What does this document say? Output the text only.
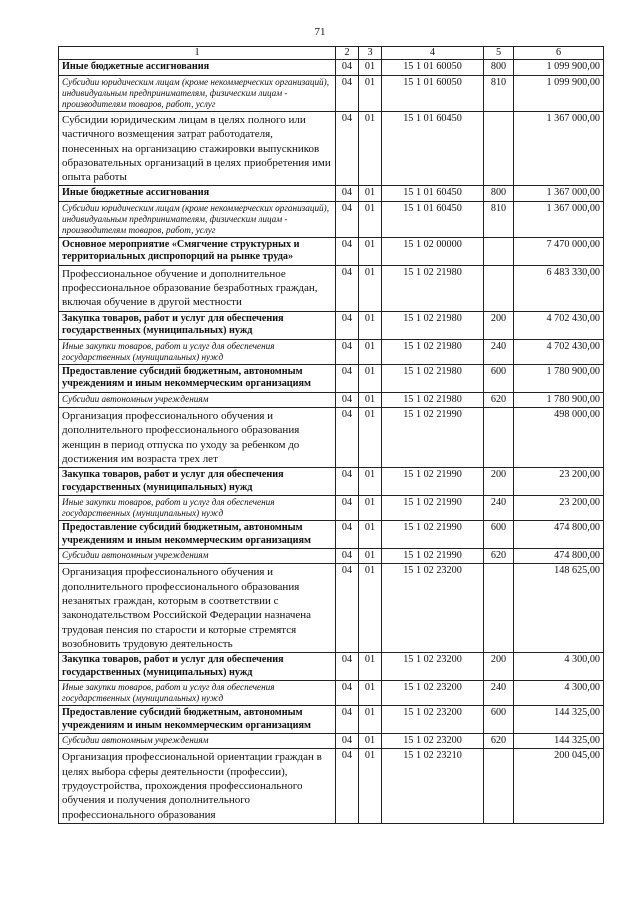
71
1	2	3	4	5	6
Иные бюджетные ассигнования	04	01	15 1 01 60050	800	1 099 900,00
Субсидии юридическим лицам (кроме некоммерческих организаций), индивидуальным предпринимателям, физическим лицам - производителям товаров, работ, услуг	04	01	15 1 01 60050	810	1 099 900,00
Субсидии юридическим лицам в целях полного или частичного возмещения затрат работодателя, понесенных на организацию стажировки выпускников образовательных организаций в целях приобретения ими опыта работы	04	01	15 1 01 60450		1 367 000,00
Иные бюджетные ассигнования	04	01	15 1 01 60450	800	1 367 000,00
Субсидии юридическим лицам (кроме некоммерческих организаций), индивидуальным предпринимателям, физическим лицам - производителям товаров, работ, услуг	04	01	15 1 01 60450	810	1 367 000,00
Основное мероприятие «Смягчение структурных и территориальных диспропорций на рынке труда»	04	01	15 1 02 00000		7 470 000,00
Профессиональное обучение и дополнительное профессиональное образование безработных граждан, включая обучение в другой местности	04	01	15 1 02 21980		6 483 330,00
Закупка товаров, работ и услуг для обеспечения государственных (муниципальных) нужд	04	01	15 1 02 21980	200	4 702 430,00
Иные закупки товаров, работ и услуг для обеспечения государственных (муниципальных) нужд	04	01	15 1 02 21980	240	4 702 430,00
Предоставление субсидий бюджетным, автономным учреждениям и иным некоммерческим организациям	04	01	15 1 02 21980	600	1 780 900,00
Субсидии автономным учреждениям	04	01	15 1 02 21980	620	1 780 900,00
Организация профессионального обучения и дополнительного профессионального образования женщин в период отпуска по уходу за ребенком до достижения им возраста трех лет	04	01	15 1 02 21990		498 000,00
Закупка товаров, работ и услуг для обеспечения государственных (муниципальных) нужд	04	01	15 1 02 21990	200	23 200,00
Иные закупки товаров, работ и услуг для обеспечения государственных (муниципальных) нужд	04	01	15 1 02 21990	240	23 200,00
Предоставление субсидий бюджетным, автономным учреждениям и иным некоммерческим организациям	04	01	15 1 02 21990	600	474 800,00
Субсидии автономным учреждениям	04	01	15 1 02 21990	620	474 800,00
Организация профессионального обучения и дополнительного профессионального образования незанятых граждан, которым в соответствии с законодательством Российской Федерации назначена трудовая пенсия по старости и которые стремятся возобновить трудовую деятельность	04	01	15 1 02 23200		148 625,00
Закупка товаров, работ и услуг для обеспечения государственных (муниципальных) нужд	04	01	15 1 02 23200	200	4 300,00
Иные закупки товаров, работ и услуг для обеспечения государственных (муниципальных) нужд	04	01	15 1 02 23200	240	4 300,00
Предоставление субсидий бюджетным, автономным учреждениям и иным некоммерческим организациям	04	01	15 1 02 23200	600	144 325,00
Субсидии автономным учреждениям	04	01	15 1 02 23200	620	144 325,00
Организация профессиональной ориентации граждан в целях выбора сферы деятельности (профессии), трудоустройства, прохождения профессионального обучения и получения дополнительного профессионального образования	04	01	15 1 02 23210		200 045,00
